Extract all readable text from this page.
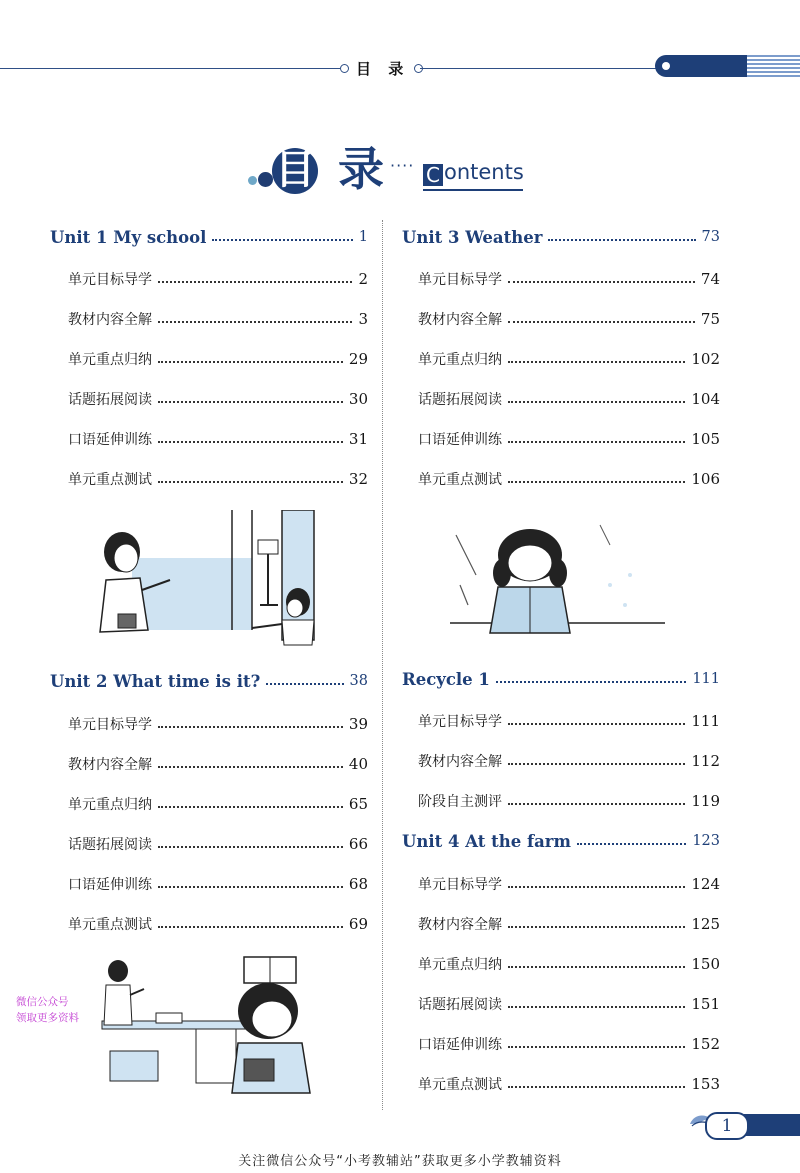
目 录
目 录 ···· C ontents
Unit 1 My school	1
单元目标导学	2
教材内容全解	3
单元重点归纳	29
话题拓展阅读	30
口语延伸训练	31
单元重点测试	32
Unit 2 What time is it?	38
单元目标导学	39
教材内容全解	40
单元重点归纳	65
话题拓展阅读	66
口语延伸训练	68
单元重点测试	69
Unit 3 Weather	73
单元目标导学	74
教材内容全解	75
单元重点归纳	102
话题拓展阅读	104
口语延伸训练	105
单元重点测试	106
Recycle 1	111
单元目标导学	111
教材内容全解	112
阶段自主测评	119
Unit 4 At the farm	123
单元目标导学	124
教材内容全解	125
单元重点归纳	150
话题拓展阅读	151
口语延伸训练	152
单元重点测试	153
微信公众号
领取更多资料
1
关注微信公众号“小考教辅站”获取更多小学教辅资料
